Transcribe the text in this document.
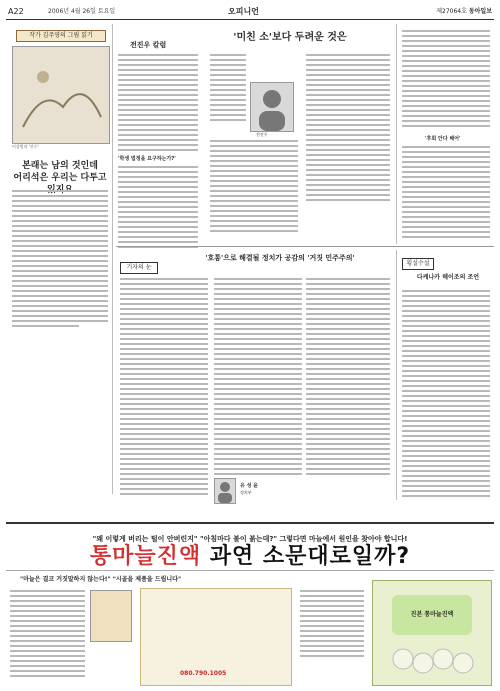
A22	2006년 4월 26일 토요일	오피니언	제27064호 동아일보
작가 김주영의 그림 읽기
이상범의 '산수'
본래는 남의 것인데
어리석은 우리는 다투고
전진우 칼럼
'학생 법정을 요구하는가?'
'미친 소'보다 두려운 것은
전진우
'후회 안다 헤어'
기자의 눈
'호통'으로 해결될 정치가 공감의 '거짓 민주주의'
유 성 윤
정치부
횡설수설
다케나카 헤이조의 조언
"왜 이렇게 버리는 털이 안버린지" "아침마다 볼이 붉는데?" 그렇다면 마늘에서 원인을 찾아야 합니다!
통마늘진액 과연 소문대로일까?
"마늘은 결코 거짓말하지 않는다!" "시골을 제품을 드립니다"
080.790.1005
진본 통마늘진액
